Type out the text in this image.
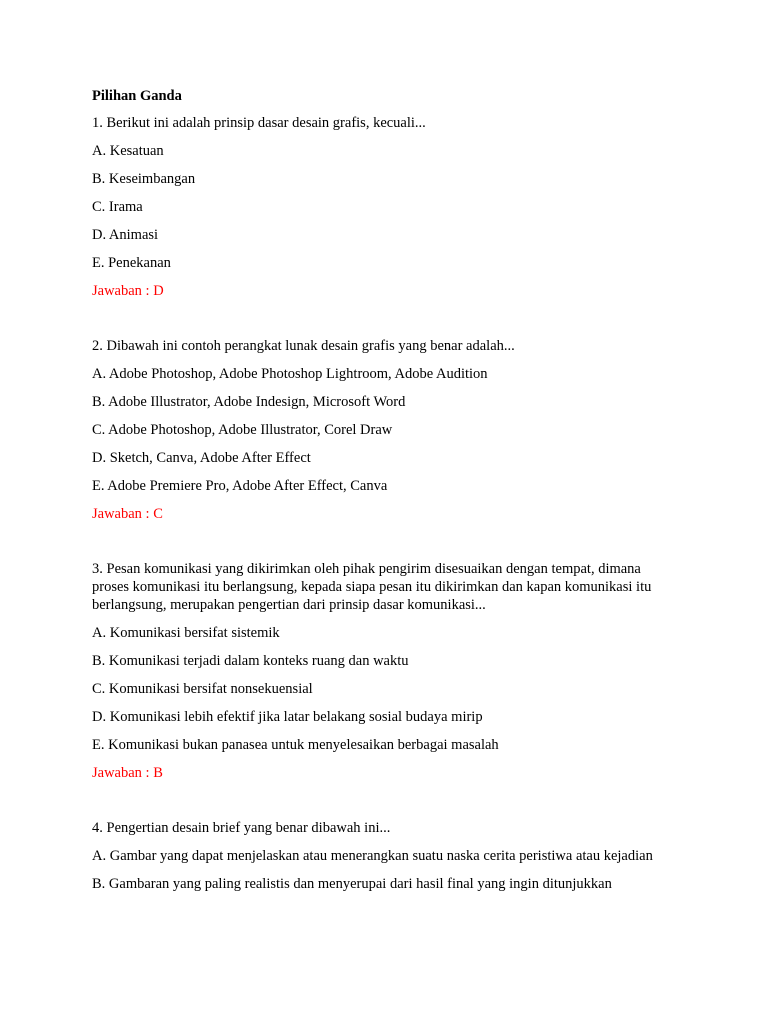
Pilihan Ganda

1. Berikut ini adalah prinsip dasar desain grafis, kecuali...

A. Kesatuan

B. Keseimbangan

C. Irama

D. Animasi

E. Penekanan

Jawaban : D

2. Dibawah ini contoh perangkat lunak desain grafis yang benar adalah...

A. Adobe Photoshop, Adobe Photoshop Lightroom, Adobe Audition

B. Adobe Illustrator, Adobe Indesign, Microsoft Word

C. Adobe Photoshop, Adobe Illustrator, Corel Draw

D. Sketch, Canva, Adobe After Effect

E. Adobe Premiere Pro, Adobe After Effect, Canva

Jawaban : C

3. Pesan komunikasi yang dikirimkan oleh pihak pengirim disesuaikan dengan tempat, dimana proses komunikasi itu berlangsung, kepada siapa pesan itu dikirimkan dan kapan komunikasi itu berlangsung, merupakan pengertian dari prinsip dasar komunikasi...

A. Komunikasi bersifat sistemik

B. Komunikasi terjadi dalam konteks ruang dan waktu

C. Komunikasi bersifat nonsekuensial

D. Komunikasi lebih efektif jika latar belakang sosial budaya mirip

E. Komunikasi bukan panasea untuk menyelesaikan berbagai masalah

Jawaban : B

4. Pengertian desain brief yang benar dibawah ini...

A. Gambar yang dapat menjelaskan atau menerangkan suatu naska cerita peristiwa atau kejadian

B. Gambaran yang paling realistis dan menyerupai dari hasil final yang ingin ditunjukkan
